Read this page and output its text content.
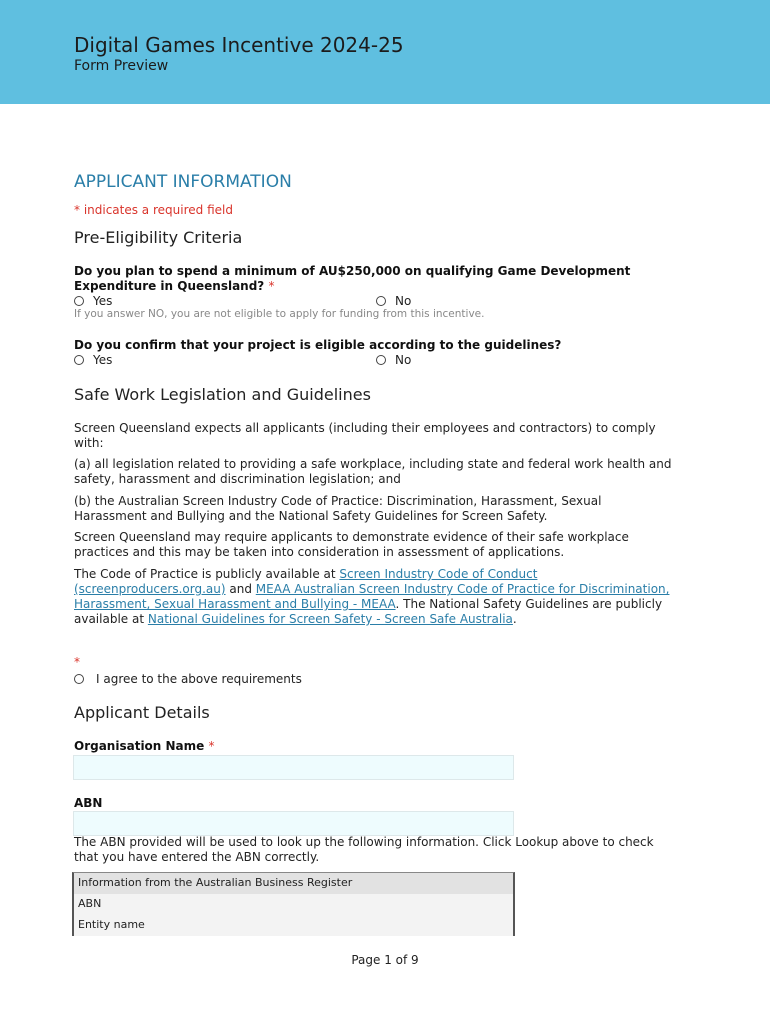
Digital Games Incentive 2024-25
Form Preview
APPLICANT INFORMATION
* indicates a required field
Pre-Eligibility Criteria
Do you plan to spend a minimum of AU$250,000 on qualifying Game Development Expenditure in Queensland? *
Yes	No
If you answer NO, you are not eligible to apply for funding from this incentive.
Do you confirm that your project is eligible according to the guidelines?
Yes	No
Safe Work Legislation and Guidelines
Screen Queensland expects all applicants (including their employees and contractors) to comply with:
(a) all legislation related to providing a safe workplace, including state and federal work health and safety, harassment and discrimination legislation; and
(b) the Australian Screen Industry Code of Practice: Discrimination, Harassment, Sexual Harassment and Bullying and the National Safety Guidelines for Screen Safety.
Screen Queensland may require applicants to demonstrate evidence of their safe workplace practices and this may be taken into consideration in assessment of applications.
The Code of Practice is publicly available at Screen Industry Code of Conduct (screenproducers.org.au) and MEAA Australian Screen Industry Code of Practice for Discrimination, Harassment, Sexual Harassment and Bullying - MEAA. The National Safety Guidelines are publicly available at National Guidelines for Screen Safety - Screen Safe Australia.
*
I agree to the above requirements
Applicant Details
Organisation Name *
ABN
The ABN provided will be used to look up the following information. Click Lookup above to check that you have entered the ABN correctly.
Information from the Australian Business Register
ABN
Entity name
Page 1 of 9
